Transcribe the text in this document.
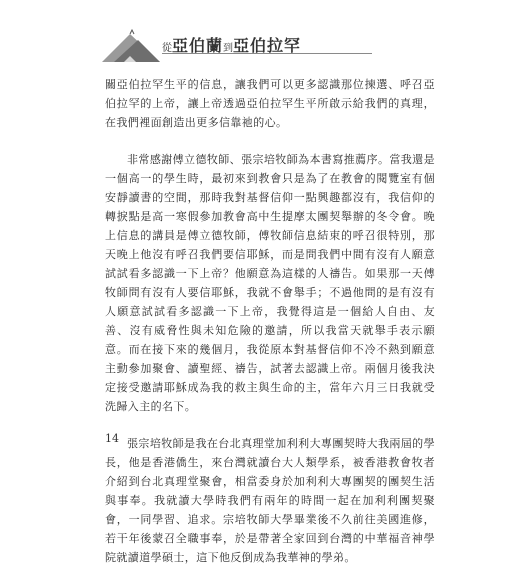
從亞伯蘭到亞伯拉罕

關亞伯拉罕生平的信息，讓我們可以更多認識那位揀選、呼召亞伯拉罕的上帝，讓上帝透過亞伯拉罕生平所啟示給我們的真理，在我們裡面創造出更多信靠祂的心。

非常感謝傅立德牧師、張宗培牧師為本書寫推薦序。當我還是一個高一的學生時，最初來到教會只是為了在教會的閱覽室有個安靜讀書的空間，那時我對基督信仰一點興趣都沒有，我信仰的轉捩點是高一寒假參加教會高中生提摩太團契舉辦的冬令會。晚上信息的講員是傅立德牧師，傅牧師信息結束的呼召很特別，那天晚上他沒有呼召我們要信耶穌，而是問我們中間有沒有人願意試試看多認識一下上帝？他願意為這樣的人禱告。如果那一天傅牧師問有沒有人要信耶穌，我就不會舉手；不過他問的是有沒有人願意試試看多認識一下上帝，我覺得這是一個給人自由、友善、沒有威脅性與未知危險的邀請，所以我當天就舉手表示願意。而在接下來的幾個月，我從原本對基督信仰不冷不熱到願意主動參加聚會、讀聖經、禱告，試著去認識上帝。兩個月後我決定接受邀請耶穌成為我的救主與生命的主，當年六月三日我就受洗歸入主的名下。

張宗培牧師是我在台北真理堂加利利大專團契時大我兩屆的學長，他是香港僑生，來台灣就讀台大人類學系，被香港教會牧者介紹到台北真理堂聚會，相當委身於加利利大專團契的團契生活與事奉。我就讀大學時我們有兩年的時間一起在加利利團契聚會，一同學習、追求。宗培牧師大學畢業後不久前往美國進修，若干年後蒙召全職事奉，於是帶著全家回到台灣的中華福音神學院就讀道學碩士，這下他反倒成為我華神的學弟。

14
